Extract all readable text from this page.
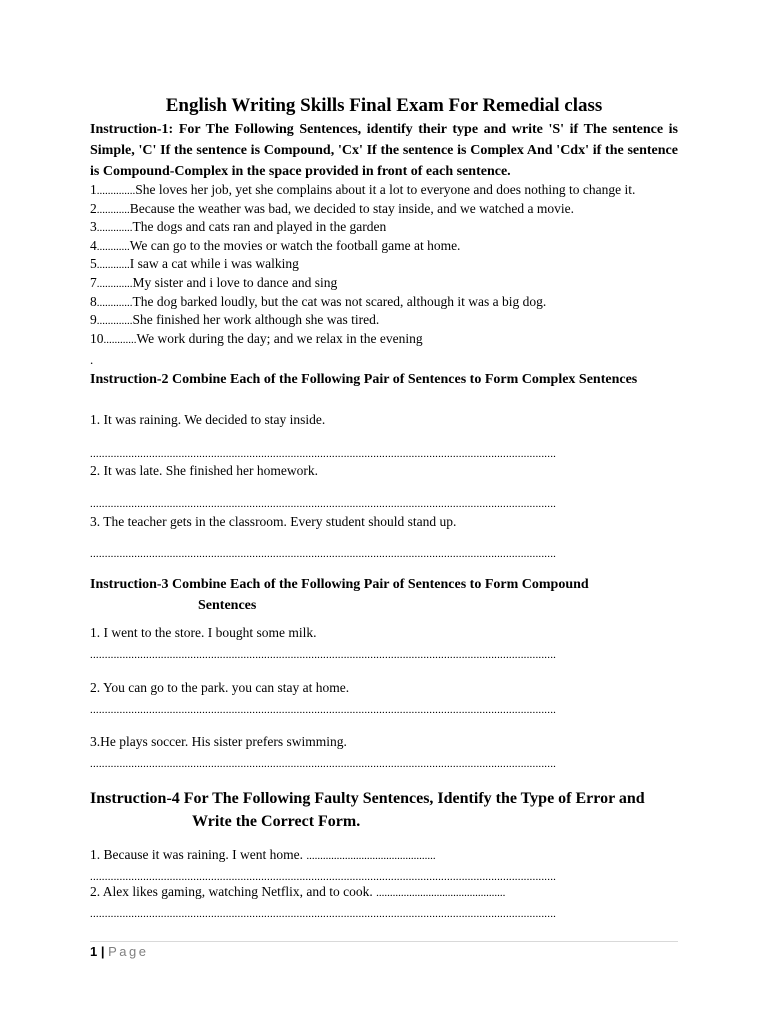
English Writing Skills Final Exam For Remedial class
Instruction-1: For The Following Sentences, identify their type and write 'S' if The sentence is Simple, 'C' If the sentence is Compound, 'Cx' If the sentence is Complex And 'Cdx' if the sentence is Compound-Complex in the space provided in front of each sentence.
1..............She loves her job, yet she complains about it a lot to everyone and does nothing to change it.
2............Because the weather was bad, we decided to stay inside, and we watched a movie.
3.............The dogs and cats ran and played in the garden
4............We can go to the movies or watch the football game at home.
5............I saw a cat while i was walking
7.............My sister and i love to dance and sing
8.............The dog barked loudly, but the cat was not scared, although it was a big dog.
9.............She finished her work although she was tired.
10............We work during the day; and we relax in the evening
.
Instruction-2 Combine Each of the Following Pair of Sentences to Form Complex Sentences
1. It was raining. We decided to stay inside.
..............................................................................................................................................................
2. It was late. She finished her homework.
..............................................................................................................................................................
3. The teacher gets in the classroom. Every student should stand up.
..............................................................................................................................................................
Instruction-3 Combine Each of the Following Pair of Sentences to Form Compound
Sentences
1. I went to the store. I bought some milk.
..............................................................................................................................................................
2. You can go to the park. you can stay at home.
..............................................................................................................................................................
3.He plays soccer. His sister prefers swimming.
..............................................................................................................................................................
Instruction-4 For The Following Faulty Sentences, Identify the Type of Error and
Write the Correct Form.
1. Because it was raining. I went home. ...............................................
..............................................................................................................................................................
2. Alex likes gaming, watching Netflix, and to cook. ...............................................
..............................................................................................................................................................
1 | Page
